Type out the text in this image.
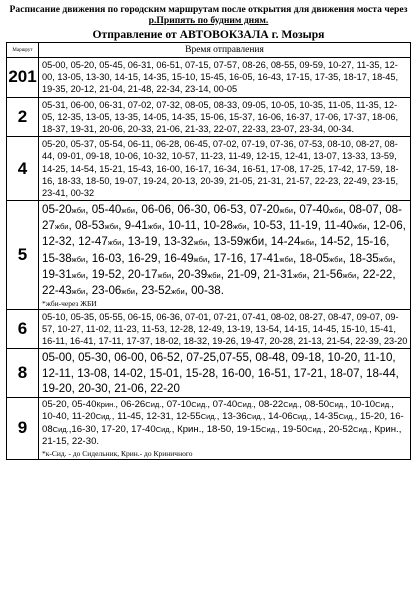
Расписание движения по городским маршрутам после открытия для движения моста через
р.Припять по будним дням.
Отправление от АВТОВОКЗАЛА г. Мозыря
Маршрут	Время отправления
201	05-00, 05-20, 05-45, 06-31, 06-51, 07-15, 07-57, 08-26, 08-55, 09-59, 10-27, 11-35, 12-00, 13-05, 13-30, 14-15, 14-35, 15-10, 15-45, 16-05, 16-43, 17-15, 17-35, 18-17, 18-45, 19-35, 20-12, 21-04, 21-48, 22-34, 23-14, 00-05
2	05-31, 06-00, 06-31, 07-02, 07-32, 08-05, 08-33, 09-05, 10-05, 10-35, 11-05, 11-35, 12-05, 12-35, 13-05, 13-35, 14-05, 14-35, 15-06, 15-37, 16-06, 16-37, 17-06, 17-37, 18-06, 18-37, 19-31, 20-06, 20-33, 21-06, 21-33, 22-07, 22-33, 23-07, 23-34, 00-34.
4	05-20, 05-37, 05-54, 06-11, 06-28, 06-45, 07-02, 07-19, 07-36, 07-53, 08-10, 08-27, 08-44, 09-01, 09-18, 10-06, 10-32, 10-57, 11-23, 11-49, 12-15, 12-41, 13-07, 13-33, 13-59, 14-25, 14-54, 15-21, 15-43, 16-00, 16-17, 16-34, 16-51, 17-08, 17-25, 17-42, 17-59, 18-16, 18-33, 18-50, 19-07, 19-24, 20-13, 20-39, 21-05, 21-31, 21-57, 22-23, 22-49, 23-15, 23-41, 00-32
5	05-20жби, 05-40жби, 06-06, 06-30, 06-53, 07-20жби, 07-40жби, 08-07, 08-27жби, 08-53жби, 9-41жби, 10-11, 10-28жби, 10-53, 11-19, 11-40жби, 12-06, 12-32, 12-47жби, 13-19, 13-32жби, 13-59жби, 14-24жби, 14-52, 15-16, 15-38жби, 16-03, 16-29, 16-49жби, 17-16, 17-41жби, 18-05жби, 18-35жби, 19-31жби, 19-52, 20-17жби, 20-39жби, 21-09, 21-31жби, 21-56жби, 22-22, 22-43жби, 23-06жби, 23-52жби, 00-38.
*жби-через ЖБИ

6	05-10, 05-35, 05-55, 06-15, 06-36, 07-01, 07-21, 07-41, 08-02, 08-27, 08-47, 09-07, 09-57, 10-27, 11-02, 11-23, 11-53, 12-28, 12-49, 13-19, 13-54, 14-15, 14-45, 15-10, 15-41, 16-11, 16-41, 17-11, 17-37, 18-02, 18-32, 19-26, 19-47, 20-28, 21-13, 21-54, 22-39, 23-20
8	05-00, 05-30, 06-00, 06-52, 07-25,07-55, 08-48, 09-18, 10-20, 11-10, 12-11, 13-08, 14-02, 15-01, 15-28, 16-00, 16-51, 17-21, 18-07, 18-44, 19-20, 20-30, 21-06, 22-20
9	05-20, 05-40Крин., 06-26Сид., 07-10Сид., 07-40Сид., 08-22Сид., 08-50Сид., 10-10Сид., 10-40, 11-20Сид., 11-45, 12-31, 12-55Сид., 13-36Сид., 14-06Сид., 14-35Сид., 15-20, 16-08Сид.,16-30, 17-20, 17-40Сид., Крин., 18-50, 19-15Сид., 19-50Сид., 20-52Сид., Крин., 21-15, 22-30.
*к-Сид. - до Сидельник, Крин.- до Криничного
